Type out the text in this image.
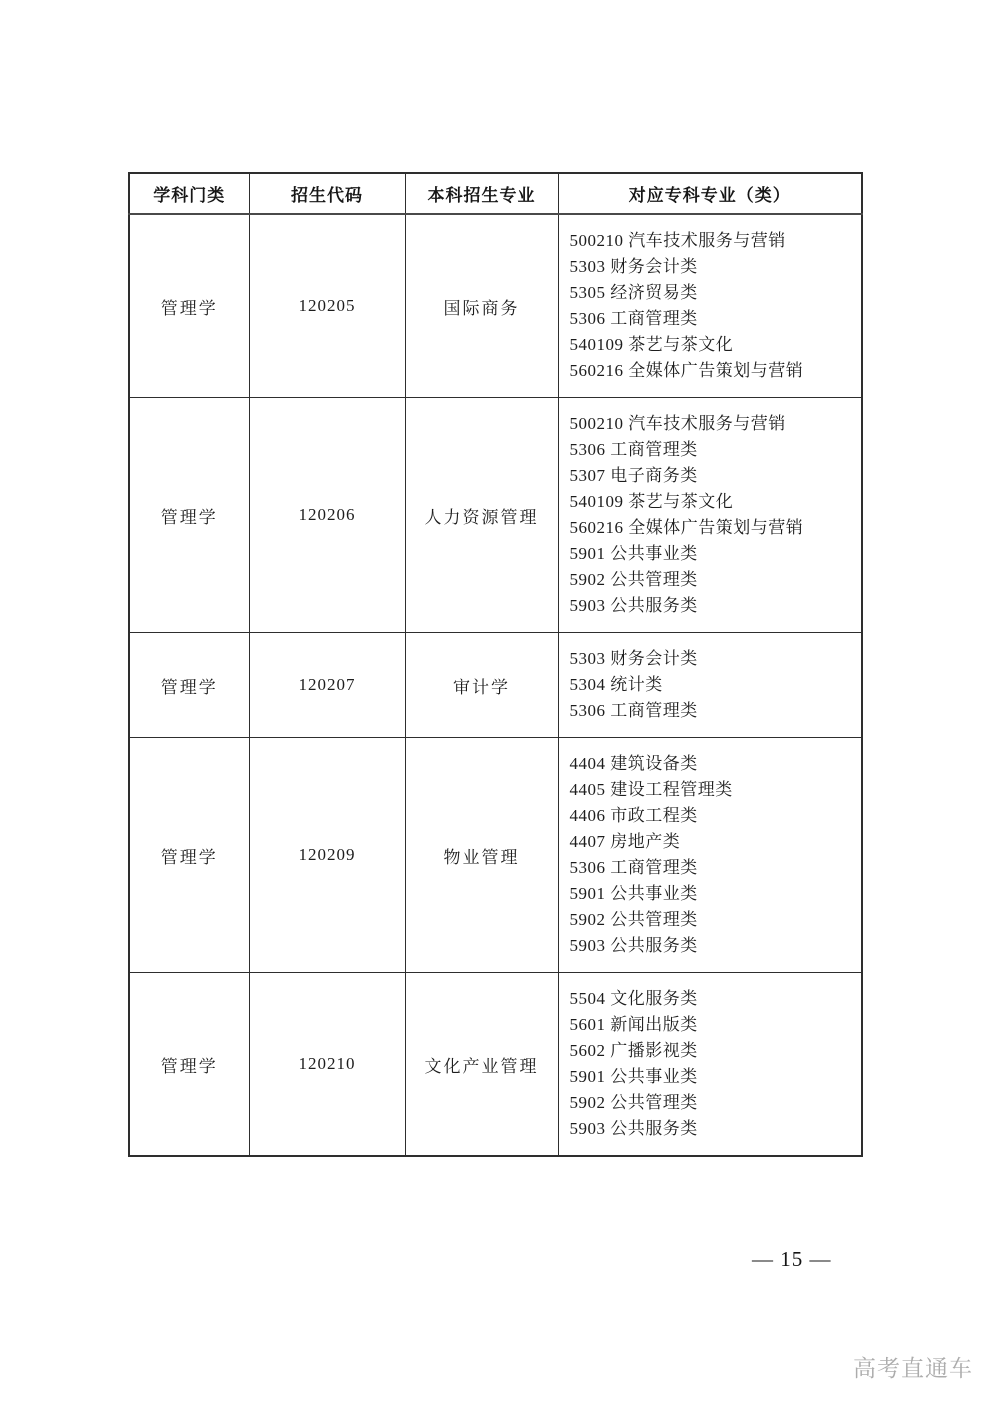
学科门类	招生代码	本科招生专业	对应专科专业（类）
管理学	120205	国际商务	
500210 汽车技术服务与营销
5303 财务会计类
5305 经济贸易类
5306 工商管理类
540109 茶艺与茶文化
560216 全媒体广告策划与营销

管理学	120206	人力资源管理	
500210 汽车技术服务与营销
5306 工商管理类
5307 电子商务类
540109 茶艺与茶文化
560216 全媒体广告策划与营销
5901 公共事业类
5902 公共管理类
5903 公共服务类

管理学	120207	审计学	5303 财务会计类
5304 统计类
5306 工商管理类

管理学	120209	物业管理	
4404 建筑设备类
4405 建设工程管理类
4406 市政工程类
4407 房地产类
5306 工商管理类
5901 公共事业类
5902 公共管理类
5903 公共服务类

管理学	120210	文化产业管理	
5504 文化服务类
5601 新闻出版类
5602 广播影视类
5901 公共事业类
5902 公共管理类
5903 公共服务类
— 15 —
高考直通车
